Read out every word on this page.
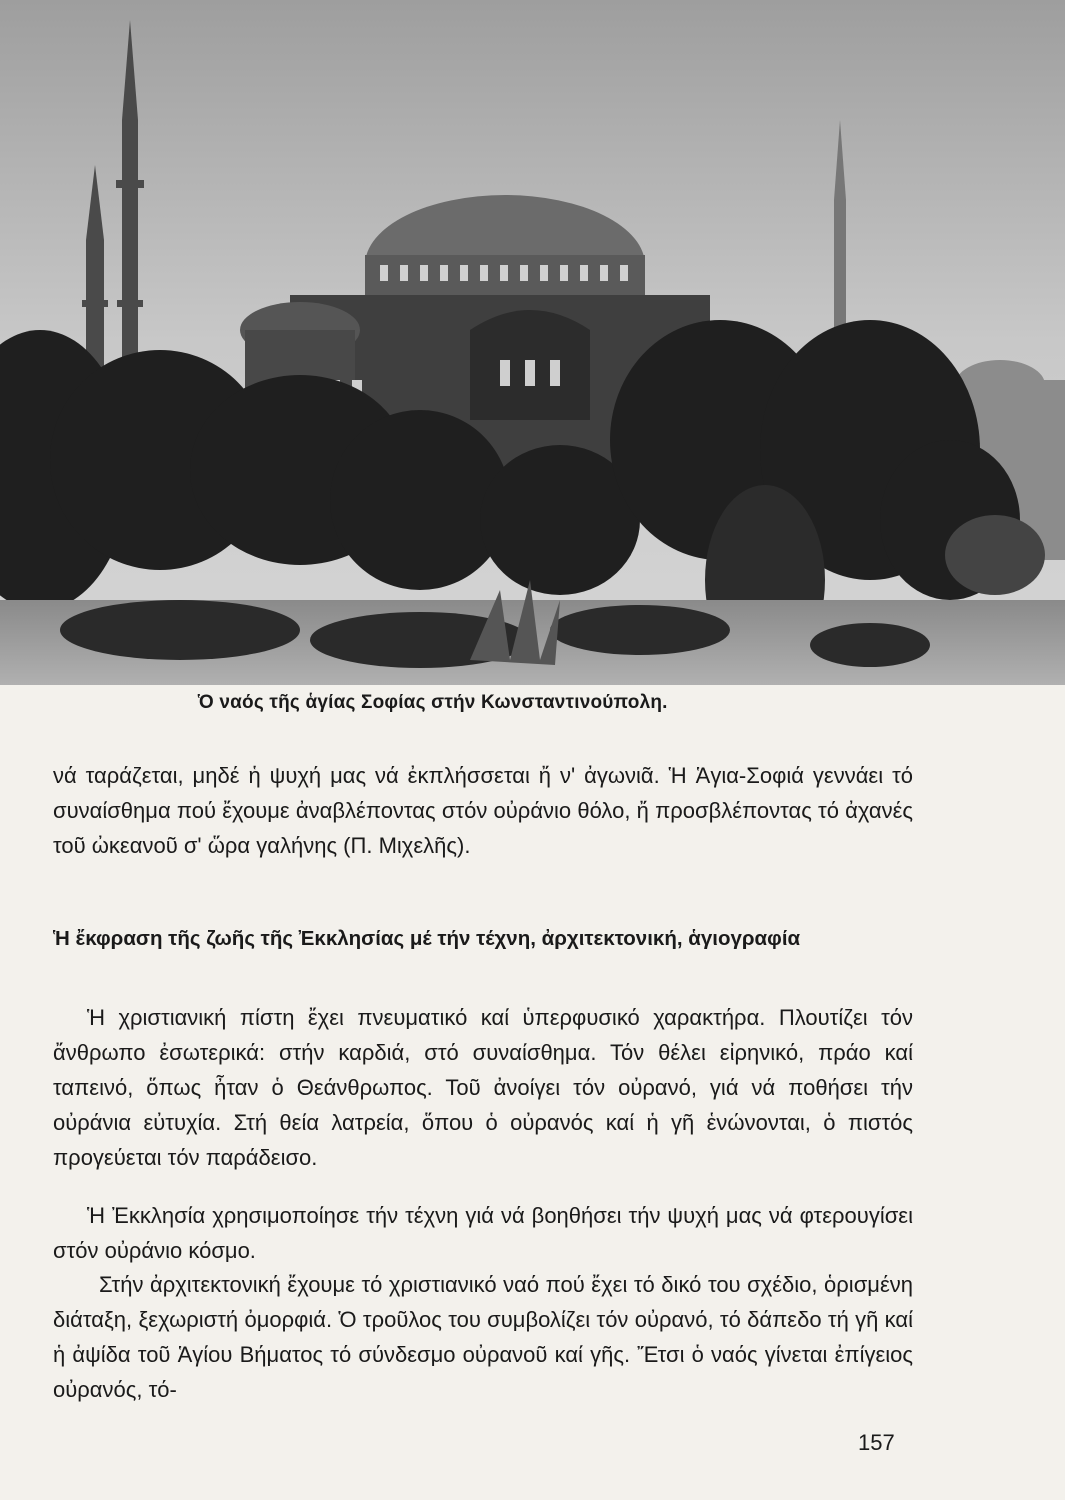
Ὁ ναός τῆς ἁγίας Σοφίας στήν Κωνσταντινούπολη.

νά ταράζεται, μηδέ ἡ ψυχή μας νά ἐκπλήσσεται ἤ ν' ἀγωνιᾶ. Ἡ Ἁγια-Σοφιά γεννάει τό συναίσθημα πού ἔχουμε ἀναβλέποντας στόν οὐράνιο θόλο, ἤ προσβλέποντας τό ἀχανές τοῦ ὠκεανοῦ σ' ὥρα γαλήνης (Π. Μιχελῆς).

Ἡ ἔκφραση τῆς ζωῆς τῆς Ἐκκλησίας μέ τήν τέχνη, ἀρχιτεκτονική, ἁγιογραφία

Ἡ χριστιανική πίστη ἔχει πνευματικό καί ὑπερφυσικό χαρακτήρα. Πλουτίζει τόν ἄνθρωπο ἐσωτερικά: στήν καρδιά, στό συναίσθημα. Τόν θέλει εἰρηνικό, πράο καί ταπεινό, ὅπως ἦταν ὁ Θεάνθρωπος. Τοῦ ἀνοίγει τόν οὐρανό, γιά νά ποθήσει τήν οὐράνια εὐτυχία. Στή θεία λατρεία, ὅπου ὁ οὐρανός καί ἡ γῆ ἑνώνονται, ὁ πιστός προγεύεται τόν παράδεισο.

Ἡ Ἐκκλησία χρησιμοποίησε τήν τέχνη γιά νά βοηθήσει τήν ψυχή μας νά φτερουγίσει στόν οὐράνιο κόσμο.

Στήν ἀρχιτεκτονική ἔχουμε τό χριστιανικό ναό πού ἔχει τό δικό του σχέδιο, ὁρισμένη διάταξη, ξεχωριστή ὀμορφιά. Ὁ τροῦλος του συμβολίζει τόν οὐρανό, τό δάπεδο τή γῆ καί ἡ ἀψίδα τοῦ Ἁγίου Βήματος τό σύνδεσμο οὐρανοῦ καί γῆς. Ἔτσι ὁ ναός γίνεται ἐπίγειος οὐρανός, τό-

157
